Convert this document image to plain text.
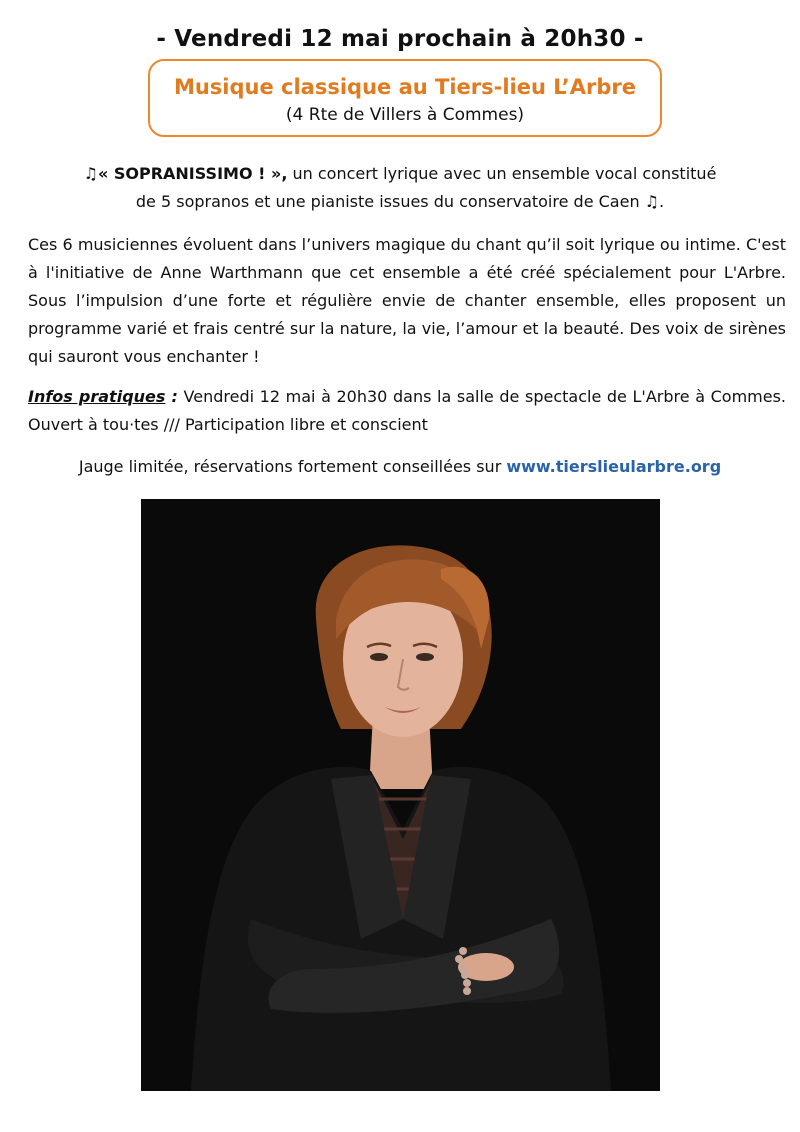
- Vendredi 12 mai prochain à 20h30 -
Musique classique au Tiers-lieu L’Arbre
(4 Rte de Villers à Commes)
♫« SOPRANISSIMO ! », un concert lyrique avec un ensemble vocal constitué
de 5 sopranos et une pianiste issues du conservatoire de Caen ♫.
Ces 6 musiciennes évoluent dans l’univers magique du chant qu’il soit lyrique ou intime. C'est à l'initiative de Anne Warthmann que cet ensemble a été créé spécialement pour L'Arbre. Sous l’impulsion d’une forte et régulière envie de chanter ensemble, elles proposent un programme varié et frais centré sur la nature, la vie, l’amour et la beauté. Des voix de sirènes qui sauront vous enchanter !
Infos pratiques : Vendredi 12 mai à 20h30 dans la salle de spectacle de L'Arbre à Commes. Ouvert à tou·tes /// Participation libre et conscient
Jauge limitée, réservations fortement conseillées sur www.tierslieularbre.org
